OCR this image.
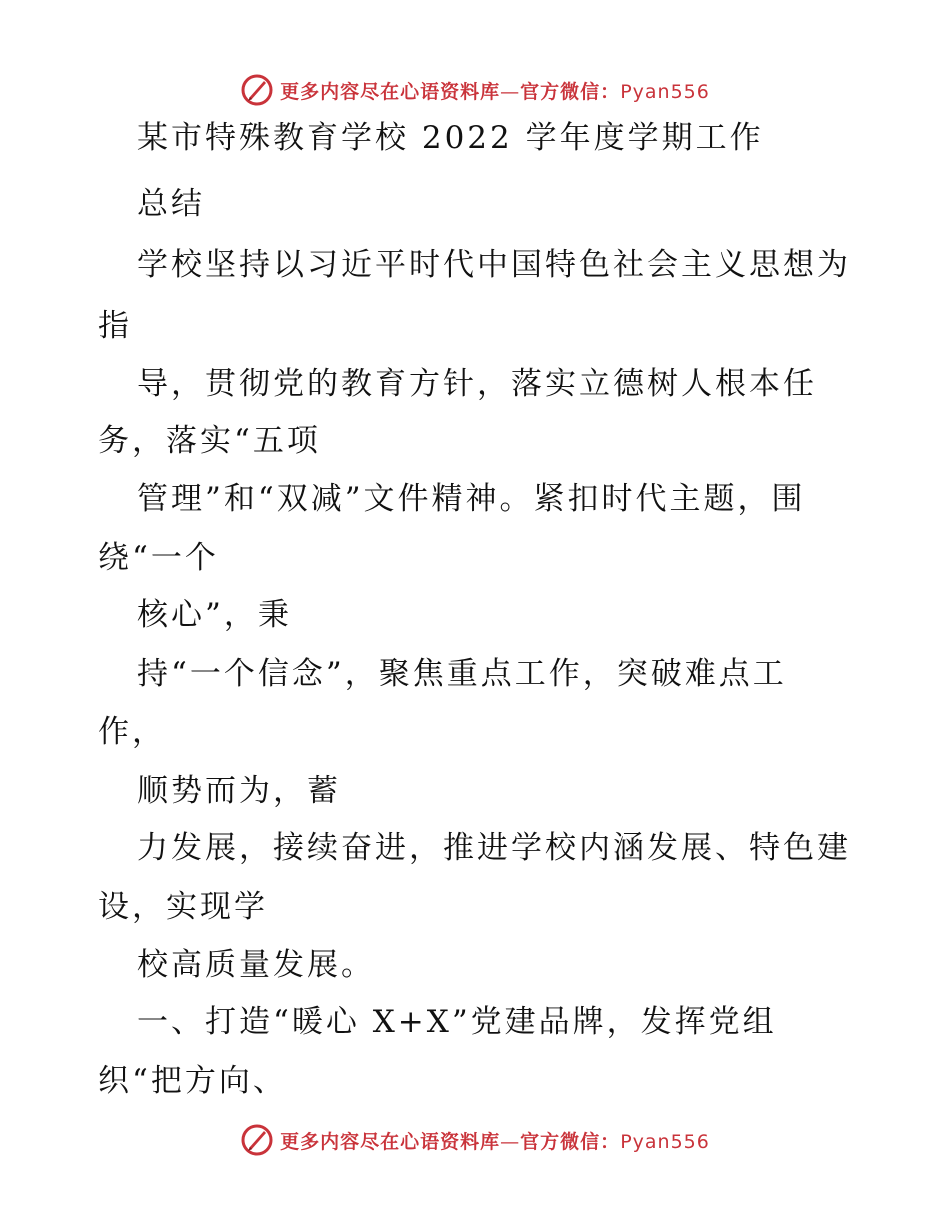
更多内容尽在心语资料库—官方微信：Pyan556
某市特殊教育学校 2022 学年度学期工作
总结
学校坚持以习近平时代中国特色社会主义思想为
指
导，贯彻党的教育方针，落实立德树人根本任
务，落实“五项
管理”和“双减”文件精神。紧扣时代主题，围
绕“一个
核心”，秉
持“一个信念”，聚焦重点工作，突破难点工
作，
顺势而为，蓄
力发展，接续奋进，推进学校内涵发展、特色建
设，实现学
校高质量发展。
一、打造“暖心 X+X”党建品牌，发挥党组
织“把方向、
更多内容尽在心语资料库—官方微信：Pyan556
